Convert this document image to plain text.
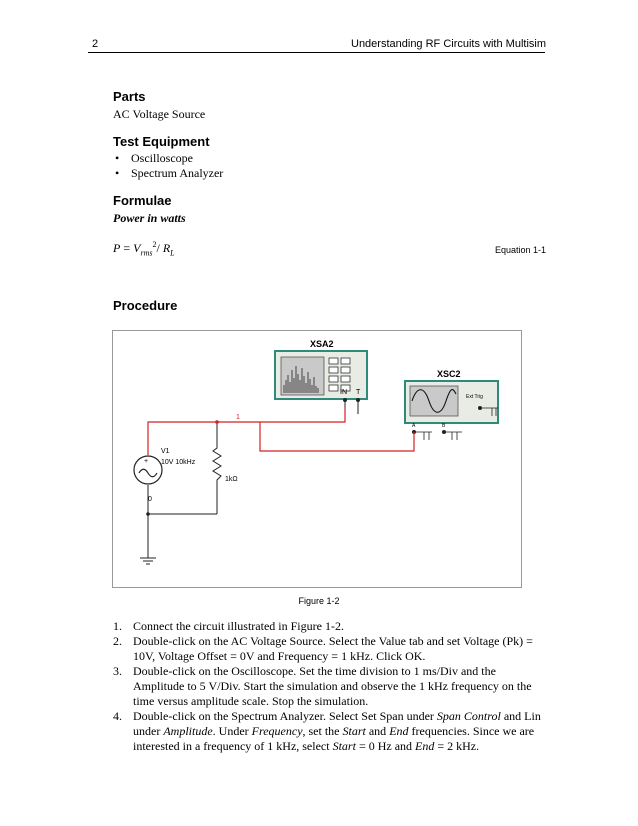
2	Understanding RF Circuits with Multisim
Parts
AC Voltage Source
Test Equipment
• Oscilloscope
• Spectrum Analyzer
Formulae
Power in watts
$P = V_{rms}^2/$ $R_L$	Equation 1-1
Procedure
XSA2
IN T
XSC2
Ext Trig
A	B
1
+
V1
10V 10kHz
0
1kΩ
Figure 1-2
1. Connect the circuit illustrated in Figure 1-2.
2. Double-click on the AC Voltage Source. Select the Value tab and set Voltage (Pk) = 10V, Voltage Offset = 0V and Frequency = 1 kHz. Click OK.
3. Double-click on the Oscilloscope. Set the time division to 1 ms/Div and the Amplitude to 5 V/Div. Start the simulation and observe the 1 kHz frequency on the time versus amplitude scale. Stop the simulation.
4. Double-click on the Spectrum Analyzer. Select Set Span under Span Control and Lin under Amplitude. Under Frequency, set the Start and End frequencies. Since we are interested in a frequency of 1 kHz, select Start = 0 Hz and End = 2 kHz.
